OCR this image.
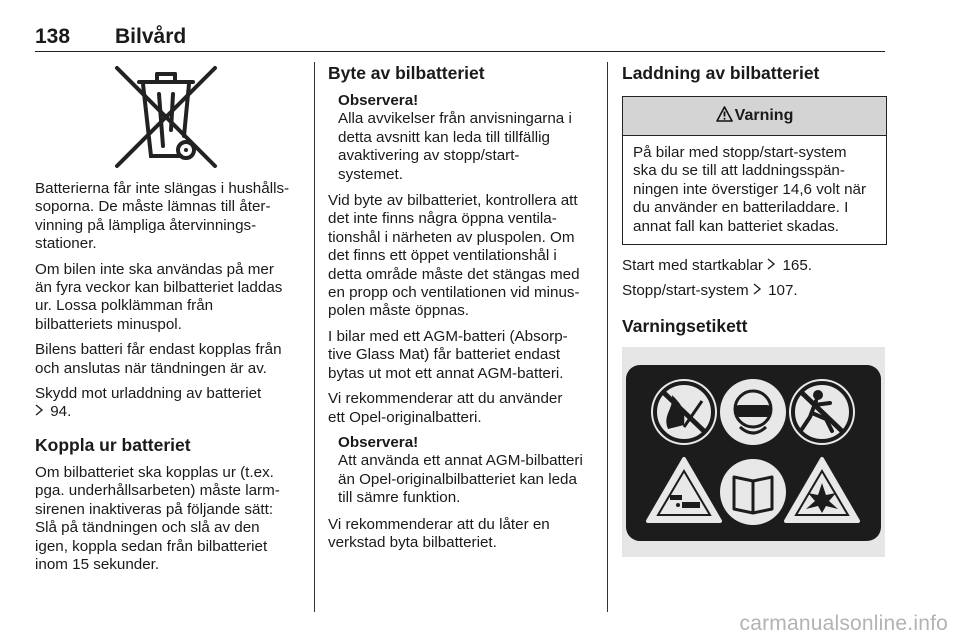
138 Bilvård

Batterierna får inte slängas i hushålls-
soporna. De måste lämnas till åter-
vinning på lämpliga återvinnings-
stationer.

Om bilen inte ska användas på mer
än fyra veckor kan bilbatteriet laddas
ur. Lossa polklämman från
bilbatteriets minuspol.

Bilens batteri får endast kopplas från
och anslutas när tändningen är av.

Skydd mot urladdning av batteriet
94.

Koppla ur batteriet

Om bilbatteriet ska kopplas ur (t.ex.
pga. underhållsarbeten) måste larm-
sirenen inaktiveras på följande sätt:
Slå på tändningen och slå av den
igen, koppla sedan från bilbatteriet
inom 15 sekunder.

Byte av bilbatteriet
Observera!

Alla avvikelser från anvisningarna i
detta avsnitt kan leda till tillfällig
avaktivering av stopp/start-
systemet.

Vid byte av bilbatteriet, kontrollera att
det inte finns några öppna ventila-
tionshål i närheten av pluspolen. Om
det finns ett öppet ventilationshål i
detta område måste det stängas med
en propp och ventilationen vid minus-
polen måste öppnas.

I bilar med ett AGM-batteri (Absorp-
tive Glass Mat) får batteriet endast
bytas ut mot ett annat AGM-batteri.

Vi rekommenderar att du använder
ett Opel-originalbatteri.

Observera!

Att använda ett annat AGM-bilbatteri
än Opel-originalbilbatteriet kan leda
till sämre funktion.

Vi rekommenderar att du låter en
verkstad byta bilbatteriet.

Laddning av bilbatteriet
Varning
På bilar med stopp/start-system
ska du se till att laddningsspän-
ningen inte överstiger 14,6 volt när
du använder en batteriladdare. I
annat fall kan batteriet skadas.

Start med startkablar 165.

Stopp/start-system 107.

Varningsetikett
carmanualsonline.info
